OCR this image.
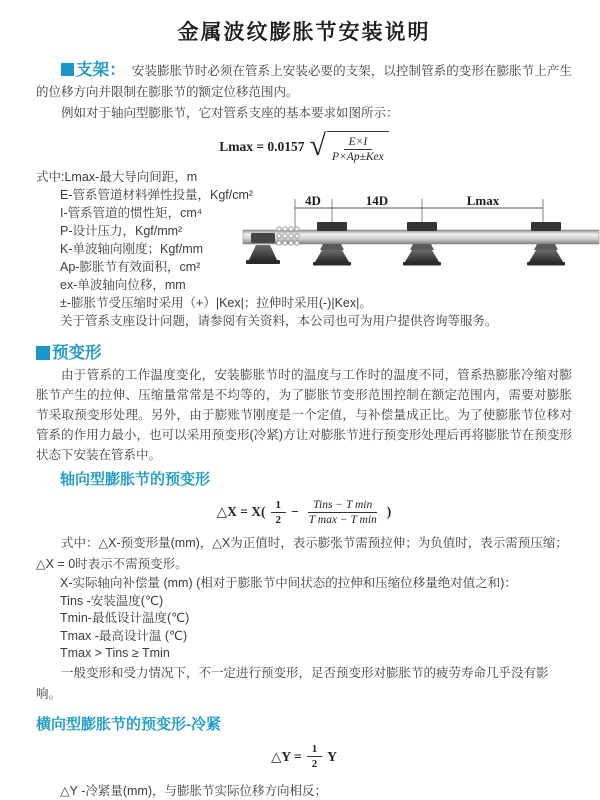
金属波纹膨胀节安装说明

支架： 安装膨胀节时必须在管系上安装必要的支架，以控制管系的变形在膨胀节上产生的位移方向并限制在膨胀节的额定位移范围内。

例如对于轴向型膨胀节，它对管系支座的基本要求如图所示：

Lmax = 0.0157 √ $\frac{E\times I}{\text{P×Ap±Kex}}$
式中:Lmax-最大导向间距，m
E-管系管道材料弹性投量，Kgf/cm²
I-管系管道的惯性矩，cm⁴
P-设计压力，Kgf/mm²
K-单波轴向刚度；Kgf/mm
Ap-膨胀节有效面积，cm²
ex-单波轴向位移，mm
±-膨胀节受压缩时采用（+）|Kex|；拉伸时采用(-)|Kex|。
关于管系支座设计问题，请参阅有关资料，本公司也可为用户提供咨询等服务。
4D	14D	Lmax
预变形

由于管系的工作温度变化，安装膨胀节时的温度与工作时的温度不同，管系热膨胀冷缩对膨胀节产生的拉伸、压缩量常常是不均等的，为了膨胀节变形范围控制在额定范围内，需要对膨胀节采取预变形处理。另外，由于膨账节刚度是一个定值，与补偿量成正比。为了使膨胀节位移对管系的作用力最小，也可以采用预变形(冷紧)方让对膨胀节进行预变形处理后再将膨胀节在预变形状态下安装在管系中。

轴向型膨胀节的预变形
△X = $X( \frac{1}{2} - \frac{\text{Tins − T min}}{\text{T max − T min}}$ )

式中：△X-预变形量(mm)，△X为正值时，表示膨张节需预拉伸；为负值时，表示需预压缩；△X = 0时表示不需预变形。

X-实际轴向补偿量 (mm) (相对于膨胀节中间状态的拉伸和压缩位移量绝对值之和)：
Tins -安装温度(℃)
Tmin-最低设计温度(℃)
Tmax -最高设计温 (℃)
Tmax > Tins ≥ Tmin

一般变形和受力情况下，不一定进行预变形，足否预变形对膨胀节的疲劳寿命几乎没有影响。

横向型膨胀节的预变形-冷紧
△Y = $\frac{1}{2}$ Y
△Y -冷紧量(mm)，与膨胀节实际位移方向相反；
